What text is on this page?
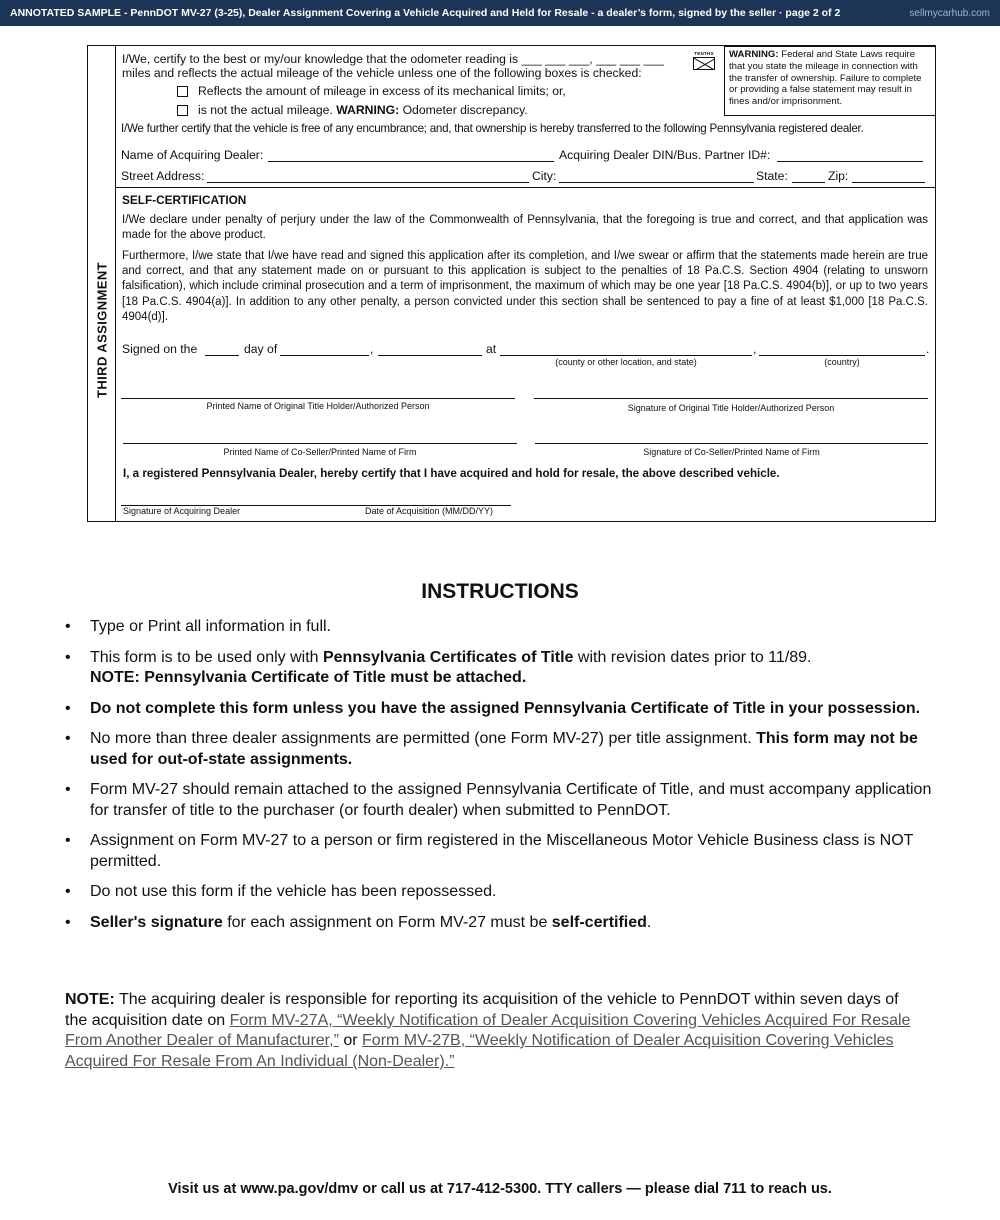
ANNOTATED SAMPLE - PennDOT MV-27 (3-25), Dealer Assignment Covering a Vehicle Acquired and Held for Resale - a dealer’s form, signed by the seller · page 2 of 2	sellmycarhub.com
THIRD ASSIGNMENT
I/We, certify to the best or my/our knowledge that the odometer reading is ___ ___ ___, ___ ___ ___
miles and reflects the actual mileage of the vehicle unless one of the following boxes is checked:
TENTHS	WARNING: Federal and State Laws require that you state the mileage in connection with the transfer of ownership. Failure to complete or providing a false statement may result in fines and/or imprisonment.
Reflects the amount of mileage in excess of its mechanical limits; or,
is not the actual mileage. WARNING: Odometer discrepancy.
I/We further certify that the vehicle is free of any encumbrance; and, that ownership is hereby transferred to the following Pennsylvania registered dealer.
Name of Acquiring Dealer:	Acquiring Dealer DIN/Bus. Partner ID#:
Street Address:	City:	State:	Zip:
SELF-CERTIFICATION
I/We declare under penalty of perjury under the law of the Commonwealth of Pennsylvania, that the foregoing is true and correct, and that application was made for the above product.
Furthermore, I/we state that I/we have read and signed this application after its completion, and I/we swear or affirm that the statements made herein are true and correct, and that any statement made on or pursuant to this application is subject to the penalties of 18 Pa.C.S. Section 4904 (relating to unsworn falsification), which include criminal prosecution and a term of imprisonment, the maximum of which may be one year [18 Pa.C.S. 4904(b)], or up to two years [18 Pa.C.S. 4904(a)]. In addition to any other penalty, a person convicted under this section shall be sentenced to pay a fine of at least $1,000 [18 Pa.C.S. 4904(d)].
Signed on the	day of	,	at	,	.
(county or other location, and state)	(country)
Printed Name of Original Title Holder/Authorized Person	Signature of Original Title Holder/Authorized Person
Printed Name of Co-Seller/Printed Name of Firm	Signature of Co-Seller/Printed Name of Firm
I, a registered Pennsylvania Dealer, hereby certify that I have acquired and hold for resale, the above described vehicle.
Signature of Acquiring Dealer	Date of Acquisition (MM/DD/YY)
INSTRUCTIONS
• Type or Print all information in full.
• This form is to be used only with Pennsylvania Certificates of Title with revision dates prior to 11/89.
NOTE: Pennsylvania Certificate of Title must be attached.
• Do not complete this form unless you have the assigned Pennsylvania Certificate of Title in your possession.
• No more than three dealer assignments are permitted (one Form MV-27) per title assignment. This form may not be used for out-of-state assignments.
• Form MV-27 should remain attached to the assigned Pennsylvania Certificate of Title, and must accompany application for transfer of title to the purchaser (or fourth dealer) when submitted to PennDOT.
• Assignment on Form MV-27 to a person or firm registered in the Miscellaneous Motor Vehicle Business class is NOT permitted.
• Do not use this form if the vehicle has been repossessed.
• Seller's signature for each assignment on Form MV-27 must be self-certified.
NOTE: The acquiring dealer is responsible for reporting its acquisition of the vehicle to PennDOT within seven days of the acquisition date on Form MV-27A, “Weekly Notification of Dealer Acquisition Covering Vehicles Acquired For Resale From Another Dealer of Manufacturer,” or Form MV-27B, “Weekly Notification of Dealer Acquisition Covering Vehicles Acquired For Resale From An Individual (Non-Dealer).”
Visit us at www.pa.gov/dmv or call us at 717-412-5300. TTY callers — please dial 711 to reach us.
